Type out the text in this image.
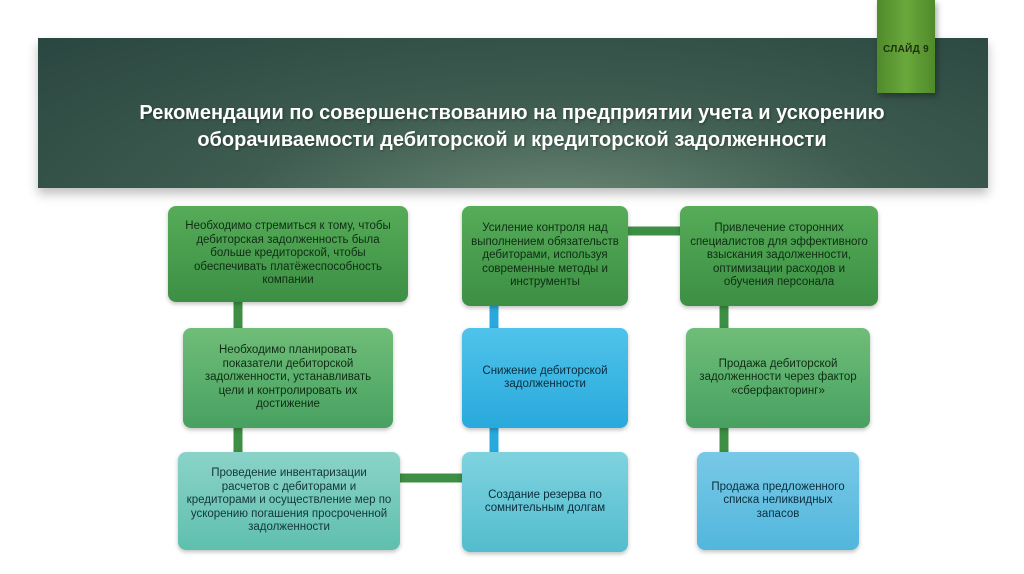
СЛАЙД 9
Рекомендации по совершенствованию на предприятии учета и ускорению
оборачиваемости дебиторской и кредиторской задолженности
Необходимо стремиться к тому, чтобы дебиторская задолженность была больше кредиторской, чтобы обеспечивать платёжеспособность компании
Необходимо планировать показатели дебиторской задолженности, устанавливать цели и контролировать их достижение
Проведение инвентаризации расчетов с дебиторами и кредиторами и осуществление мер по ускорению погашения просроченной задолженности
Усиление контроля над выполнением обязательств дебиторами, используя современные методы и инструменты
Снижение дебиторской задолженности
Создание резерва по сомнительным долгам
Привлечение сторонних специалистов для эффективного взыскания задолженности, оптимизации расходов и обучения персонала
Продажа дебиторской задолженности через фактор «сберфакторинг»
Продажа предложенного списка неликвидных запасов
